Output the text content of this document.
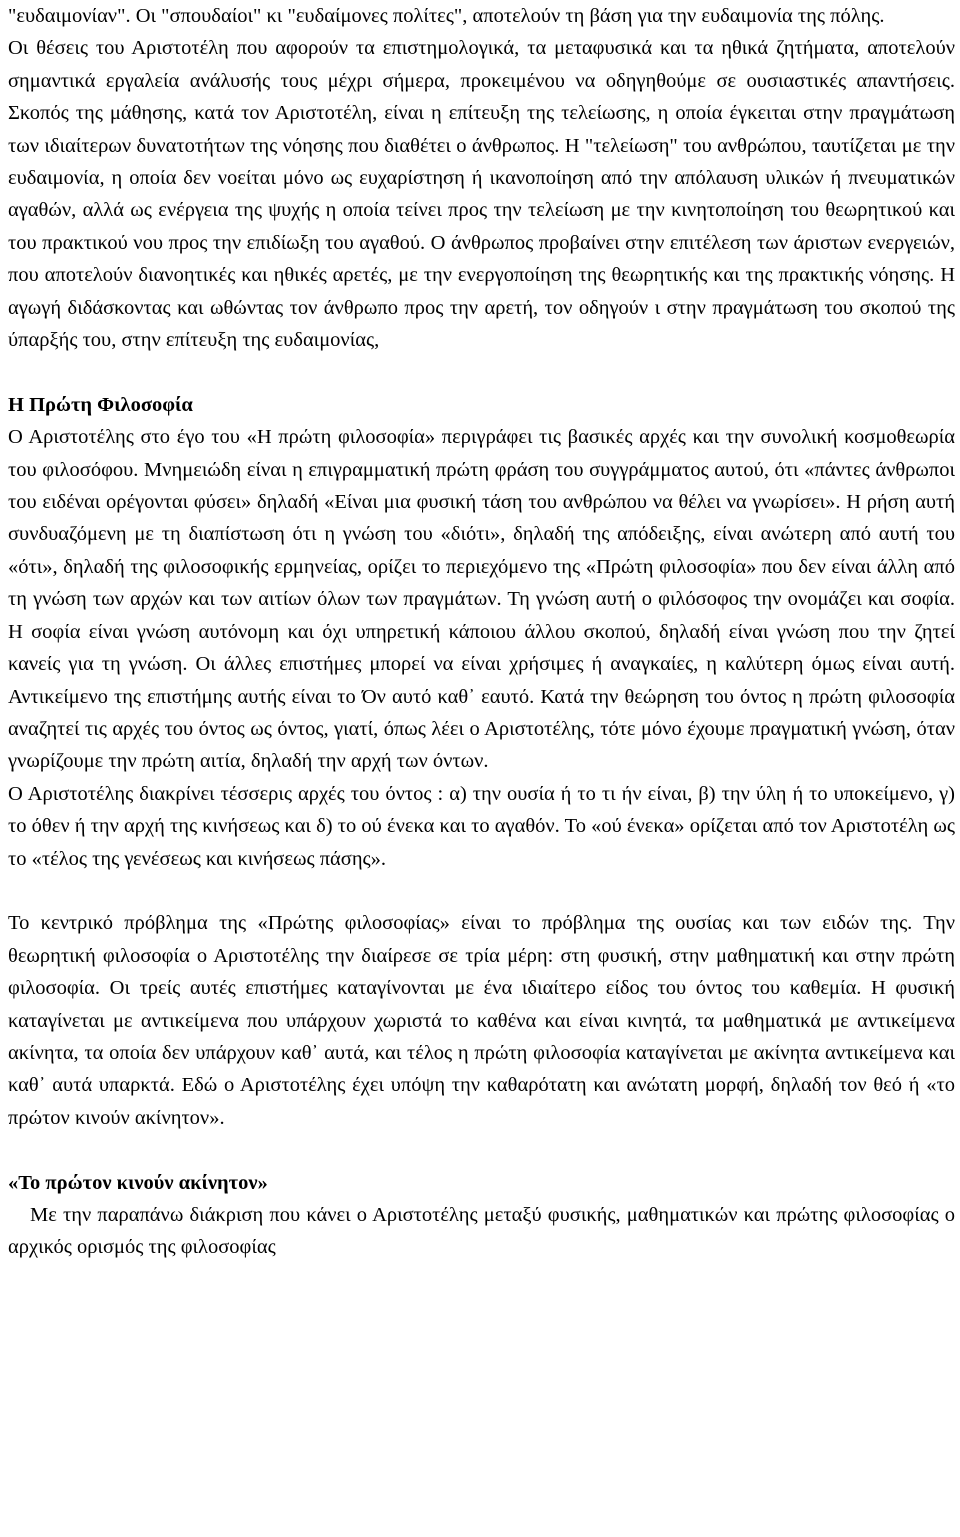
"ευδαιμονίαν". Οι "σπουδαίοι" κι "ευδαίμονες πολίτες", αποτελούν τη βάση για την ευδαιμονία της πόλης.

Οι θέσεις του Αριστοτέλη που αφορούν τα επιστημολογικά, τα μεταφυσικά και τα ηθικά ζητήματα, αποτελούν σημαντικά εργαλεία ανάλυσής τους μέχρι σήμερα, προκειμένου να οδηγηθούμε σε ουσιαστικές απαντήσεις. Σκοπός της μάθησης, κατά τον Αριστοτέλη, είναι η επίτευξη της τελείωσης, η οποία έγκειται στην πραγμάτωση των ιδιαίτερων δυνατοτήτων της νόησης που διαθέτει ο άνθρωπος. Η "τελείωση" του ανθρώπου, ταυτίζεται με την ευδαιμονία, η οποία δεν νοείται μόνο ως ευχαρίστηση ή ικανοποίηση από την απόλαυση υλικών ή πνευματικών αγαθών, αλλά ως ενέργεια της ψυχής η οποία τείνει προς την τελείωση με την κινητοποίηση του θεωρητικού και του πρακτικού νου προς την επιδίωξη του αγαθού. Ο άνθρωπος προβαίνει στην επιτέλεση των άριστων ενεργειών, που αποτελούν διανοητικές και ηθικές αρετές, με την ενεργοποίηση της θεωρητικής και της πρακτικής νόησης. Η αγωγή διδάσκοντας και ωθώντας τον άνθρωπο προς την αρετή, τον οδηγούν ι στην πραγμάτωση του σκοπού της ύπαρξής του, στην επίτευξη της ευδαιμονίας,

Η Πρώτη Φιλοσοφία

Ο Αριστοτέλης στο έγο του «Η πρώτη φιλοσοφία» περιγράφει τις βασικές αρχές και την συνολική κοσμοθεωρία του φιλοσόφου. Μνημειώδη είναι η επιγραμματική πρώτη φράση του συγγράμματος αυτού, ότι «πάντες άνθρωποι του ειδέναι ορέγονται φύσει» δηλαδή «Είναι μια φυσική τάση του ανθρώπου να θέλει να γνωρίσει». Η ρήση αυτή συνδυαζόμενη με τη διαπίστωση ότι η γνώση του «διότι», δηλαδή της απόδειξης, είναι ανώτερη από αυτή του «ότι», δηλαδή της φιλοσοφικής ερμηνείας, ορίζει το περιεχόμενο της «Πρώτη φιλοσοφία» που δεν είναι άλλη από τη γνώση των αρχών και των αιτίων όλων των πραγμάτων. Τη γνώση αυτή ο φιλόσοφος την ονομάζει και σοφία. Η σοφία είναι γνώση αυτόνομη και όχι υπηρετική κάποιου άλλου σκοπού, δηλαδή είναι γνώση που την ζητεί κανείς για τη γνώση. Οι άλλες επιστήμες μπορεί να είναι χρήσιμες ή αναγκαίες, η καλύτερη όμως είναι αυτή. Αντικείμενο της επιστήμης αυτής είναι το Όν αυτό καθ᾽ εαυτό. Κατά την θεώρηση του όντος η πρώτη φιλοσοφία αναζητεί τις αρχές του όντος ως όντος, γιατί, όπως λέει ο Αριστοτέλης, τότε μόνο έχουμε πραγματική γνώση, όταν γνωρίζουμε την πρώτη αιτία, δηλαδή την αρχή των όντων.

Ο Αριστοτέλης διακρίνει τέσσερις αρχές του όντος : α) την ουσία ή το τι ήν είναι, β) την ύλη ή το υποκείμενο, γ) το όθεν ή την αρχή της κινήσεως και δ) το ού ένεκα και το αγαθόν. Το «ού ένεκα» ορίζεται από τον Αριστοτέλη ως το «τέλος της γενέσεως και κινήσεως πάσης».

Το κεντρικό πρόβλημα της «Πρώτης φιλοσοφίας» είναι το πρόβλημα της ουσίας και των ειδών της. Την θεωρητική φιλοσοφία ο Αριστοτέλης την διαίρεσε σε τρία μέρη: στη φυσική, στην μαθηματική και στην πρώτη φιλοσοφία. Οι τρείς αυτές επιστήμες καταγίνονται με ένα ιδιαίτερο είδος του όντος του καθεμία. Η φυσική καταγίνεται με αντικείμενα που υπάρχουν χωριστά το καθένα και είναι κινητά, τα μαθηματικά με αντικείμενα ακίνητα, τα οποία δεν υπάρχουν καθ᾽ αυτά, και τέλος η πρώτη φιλοσοφία καταγίνεται με ακίνητα αντικείμενα και καθ᾽ αυτά υπαρκτά. Εδώ ο Αριστοτέλης έχει υπόψη την καθαρότατη και ανώτατη μορφή, δηλαδή τον θεό ή «το πρώτον κινούν ακίνητον».

«Το πρώτον κινούν ακίνητον»

Με την παραπάνω διάκριση που κάνει ο Αριστοτέλης μεταξύ φυσικής, μαθηματικών και πρώτης φιλοσοφίας ο αρχικός ορισμός της φιλοσοφίας
